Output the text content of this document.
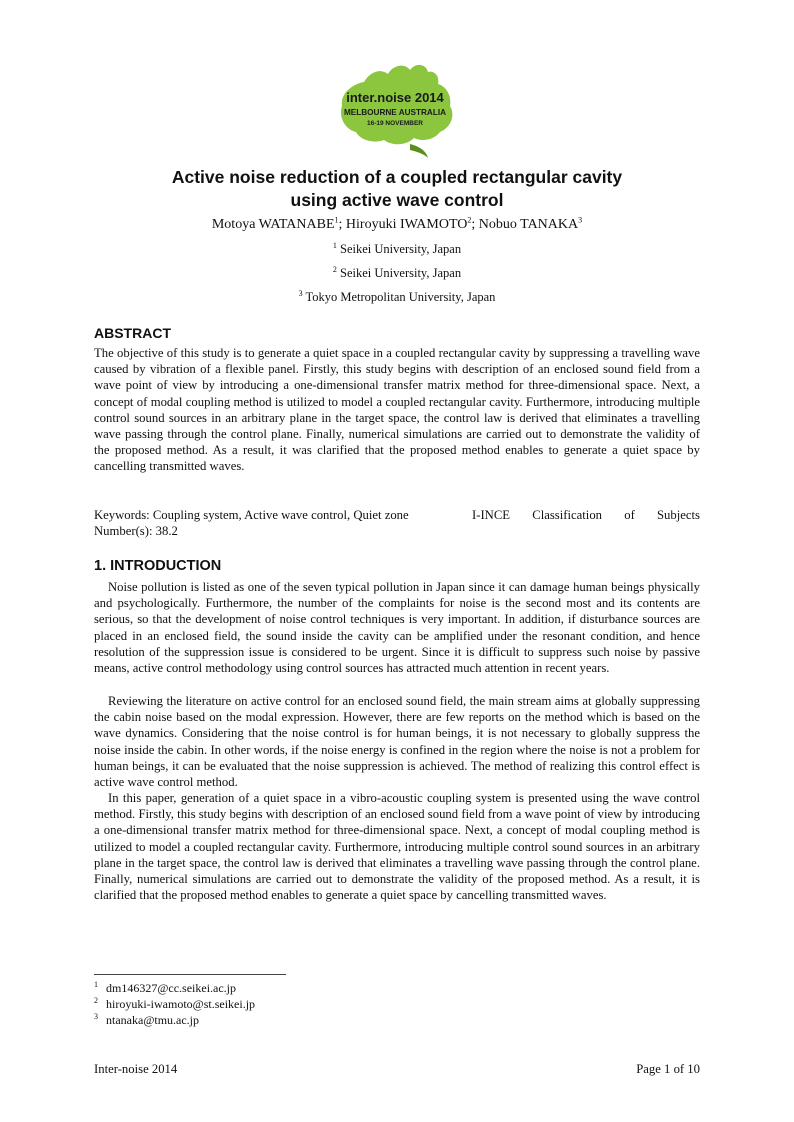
inter.noise 2014
MELBOURNE AUSTRALIA
16-19 NOVEMBER
Active noise reduction of a coupled rectangular cavity
using active wave control
Motoya WATANABE$^1$; Hiroyuki IWAMOTO$^2$; Nobuo TANAKA$^3$
$^1$ Seikei University, Japan
$^2$ Seikei University, Japan
$^3$ Tokyo Metropolitan University, Japan
ABSTRACT

The objective of this study is to generate a quiet space in a coupled rectangular cavity by suppressing a travelling wave caused by vibration of a flexible panel. Firstly, this study begins with description of an enclosed sound field from a wave point of view by introducing a one-dimensional transfer matrix method for three-dimensional space. Next, a concept of modal coupling method is utilized to model a coupled rectangular cavity. Furthermore, introducing multiple control sound sources in an arbitrary plane in the target space, the control law is derived that eliminates a travelling wave passing through the control plane. Finally, numerical simulations are carried out to demonstrate the validity of the proposed method. As a result, it was clarified that the proposed method enables to generate a quiet space by cancelling transmitted waves.

Keywords: Coupling system, Active wave control, Quiet zone	I-INCE Classification of Subjects
Number(s): 38.2
1. INTRODUCTION

Noise pollution is listed as one of the seven typical pollution in Japan since it can damage human beings physically and psychologically. Furthermore, the number of the complaints for noise is the second most and its contents are serious, so that the development of noise control techniques is very important. In addition, if disturbance sources are placed in an enclosed field, the sound inside the cavity can be amplified under the resonant condition, and hence resolution of the suppression issue is considered to be urgent. Since it is difficult to suppress such noise by passive means, active control methodology using control sources has attracted much attention in recent years.

Reviewing the literature on active control for an enclosed sound field, the main stream aims at globally suppressing the cabin noise based on the modal expression. However, there are few reports on the method which is based on the wave dynamics. Considering that the noise control is for human beings, it is not necessary to globally suppress the noise inside the cabin. In other words, if the noise energy is confined in the region where the noise is not a problem for human beings, it can be evaluated that the noise suppression is achieved. The method of realizing this control effect is active wave control method.

In this paper, generation of a quiet space in a vibro-acoustic coupling system is presented using the wave control method. Firstly, this study begins with description of an enclosed sound field from a wave point of view by introducing a one-dimensional transfer matrix method for three-dimensional space. Next, a concept of modal coupling method is utilized to model a coupled rectangular cavity. Furthermore, introducing multiple control sound sources in an arbitrary plane in the target space, the control law is derived that eliminates a travelling wave passing through the control plane. Finally, numerical simulations are carried out to demonstrate the validity of the proposed method. As a result, it is clarified that the proposed method enables to generate a quiet space by cancelling transmitted waves.

$^1$ dm146327@cc.seikei.ac.jp
$^2$ hiroyuki-iwamoto@st.seikei.jp
$^3$ ntanaka@tmu.ac.jp
Inter-noise 2014	Page 1 of 10
